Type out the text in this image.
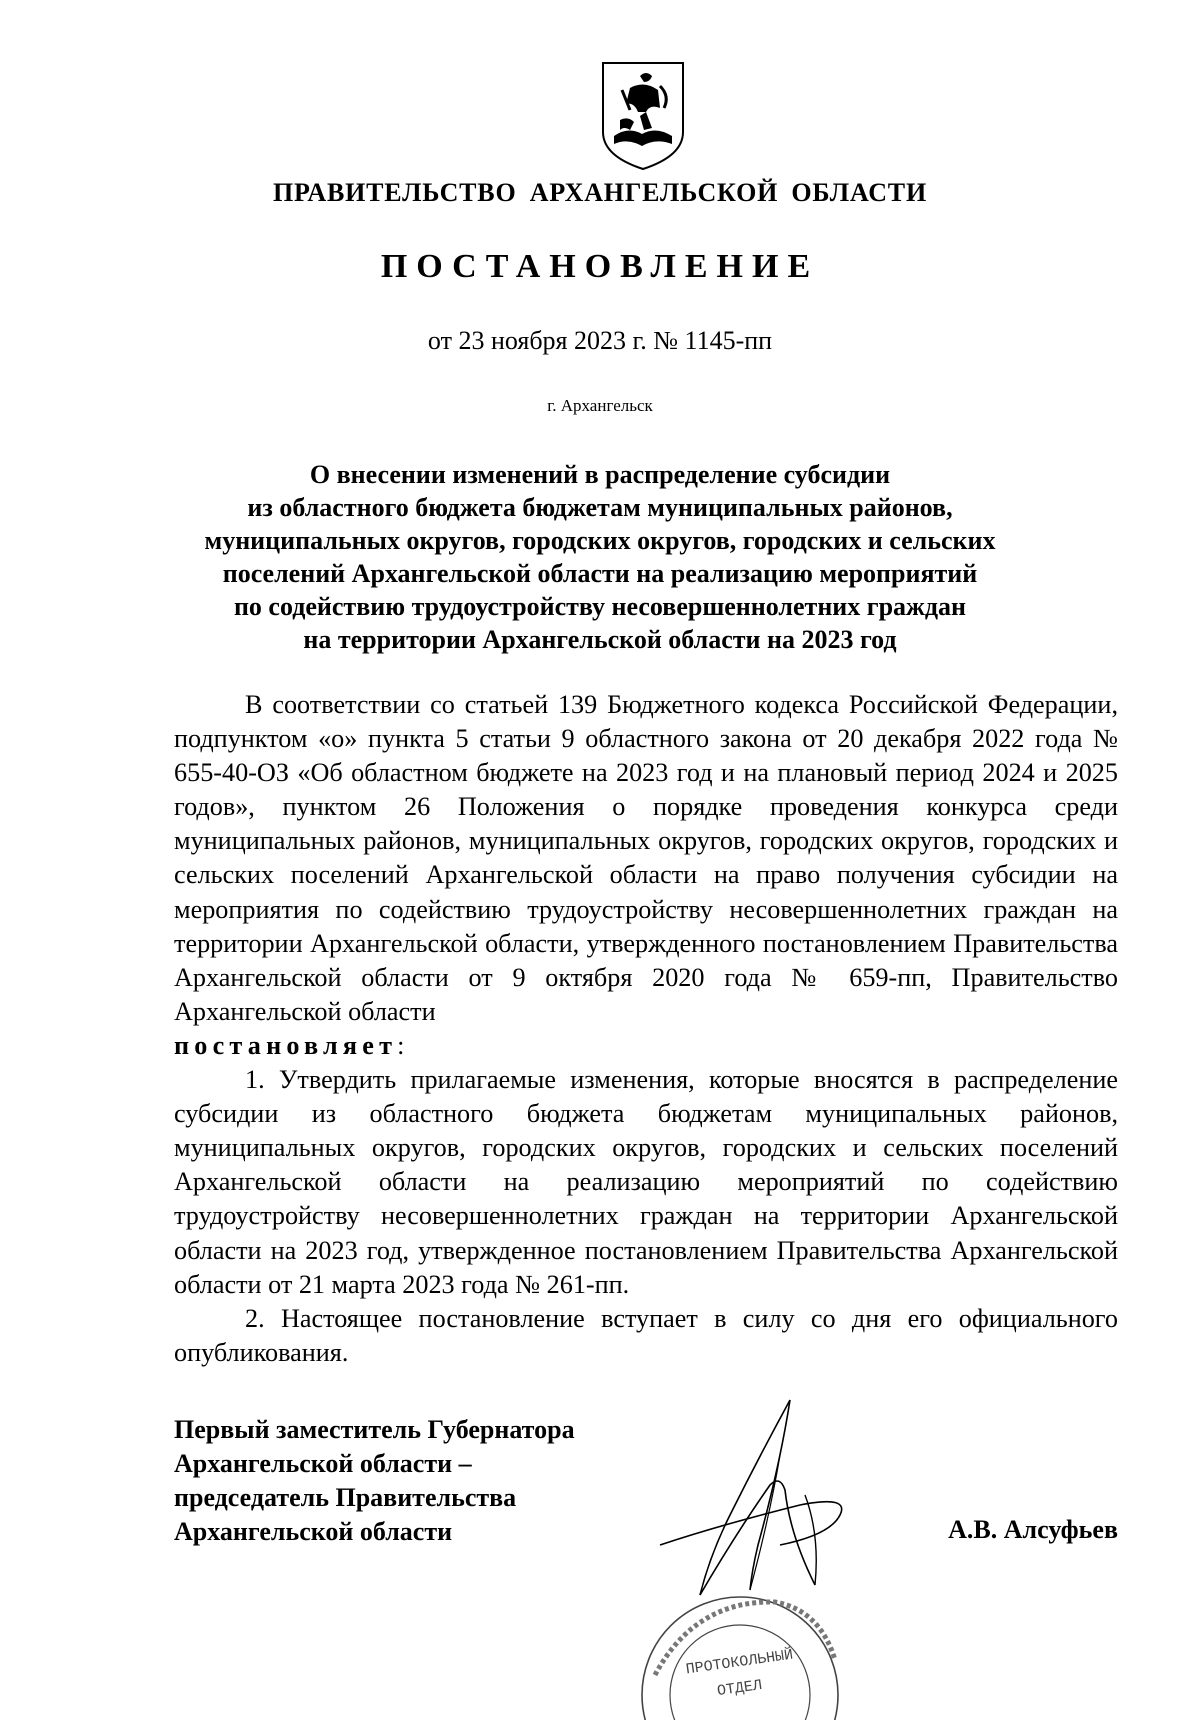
ПРАВИТЕЛЬСТВО АРХАНГЕЛЬСКОЙ ОБЛАСТИ
ПОСТАНОВЛЕНИЕ
от 23 ноября 2023 г. № 1145-пп
г. Архангельск
О внесении изменений в распределение субсидии
из областного бюджета бюджетам муниципальных районов,
муниципальных округов, городских округов, городских и сельских
поселений Архангельской области на реализацию мероприятий
по содействию трудоустройству несовершеннолетних граждан
на территории Архангельской области на 2023 год

В соответствии со статьей 139 Бюджетного кодекса Российской Федерации, подпунктом «о» пункта 5 статьи 9 областного закона от 20 декабря 2022 года № 655-40-ОЗ «Об областном бюджете на 2023 год и на плановый период 2024 и 2025 годов», пунктом 26 Положения о порядке проведения конкурса среди муниципальных районов, муниципальных округов, городских округов, городских и сельских поселений Архангельской области на право получения субсидии на мероприятия по содействию трудоустройству несовершеннолетних граждан на территории Архангельской области, утвержденного постановлением Правительства Архангельской области от 9 октября 2020 года № 659-пп, Правительство Архангельской области
постановляет:

1. Утвердить прилагаемые изменения, которые вносятся в распределение субсидии из областного бюджета бюджетам муниципальных районов, муниципальных округов, городских округов, городских и сельских поселений Архангельской области на реализацию мероприятий по содействию трудоустройству несовершеннолетних граждан на территории Архангельской области на 2023 год, утвержденное постановлением Правительства Архангельской области от 21 марта 2023 года № 261-пп.

2. Настоящее постановление вступает в силу со дня его официального опубликования.

Первый заместитель Губернатора
Архангельской области –
председатель Правительства
Архангельской области	А.В. Алсуфьев
ПРОТОКОЛЬНЫЙ
ОТДЕЛ
